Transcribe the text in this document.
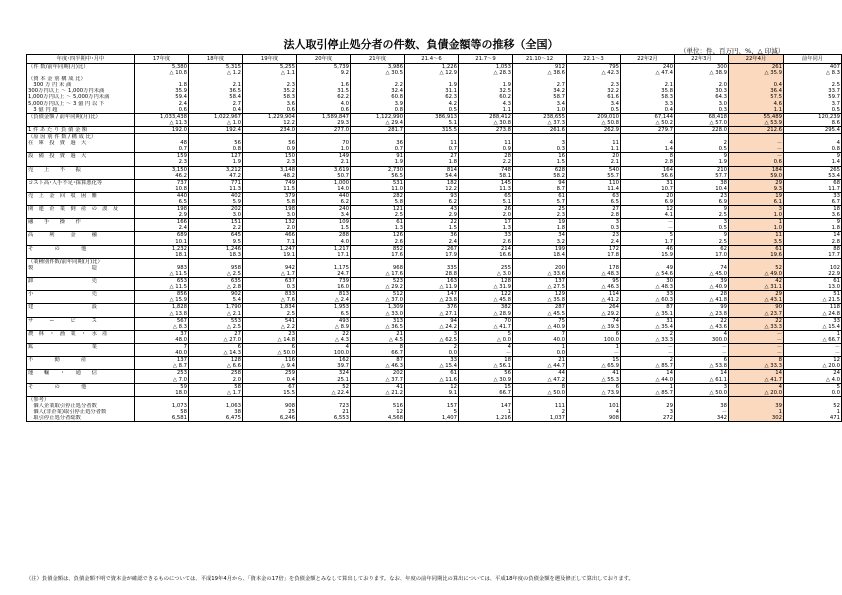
法人取引停止処分者の件数、負債金額等の推移（全国）	（単位：件、百万円、%、△ 印減）
年度･四半期中･月中	17年度	18年度	19年度	20年度	21年度	21.4～6	21.7～9	21.10～12	22.1～3	22年2月	22年3月	22年4月	前年同月
（件 数/前年同期(月)比）	5,380	5,315	5,255	5,739	3,986	1,226	1,053	912	795	240	300	261	407
	△ 10.8	△ 1.2	△ 1.1	9.2	△ 30.5	△ 12.9	△ 28.3	△ 38.6	△ 42.3	△ 47.4	△ 38.9	△ 35.9	△ 8.3
（資 本 金 別 構 成 比）													
　300 万 円 未 満	1.8	2.1	2.3	1.6	2.2	1.9	1.9	2.7	2.3	2.1	2.0	0.4	2.5
300万円以上 ～ 1,000万円未満	35.9	36.5	35.2	31.5	32.4	31.1	32.5	34.2	32.2	35.8	30.3	36.4	33.7
1,000万円以上 ～ 5,000万円未満	59.4	58.4	58.3	62.2	60.8	62.3	60.2	58.7	61.6	58.3	64.3	57.5	59.7
5,000万円以上 ～ 3 億 円 以 下	2.4	2.7	3.6	4.0	3.9	4.2	4.3	3.4	3.4	3.3	3.0	4.6	3.7
　3 億 円 超	0.6	0.4	0.6	0.6	0.8	0.5	1.1	1.0	0.5	0.4	0.3	1.1	0.5
（負債金額 / 前年同期(月)比）	1,033,438	1,022,967	1,229,904	1,589,847	1,122,990	386,913	288,412	238,655	209,010	67,144	68,418	55,489	120,239
	△ 11.3	△ 1.0	12.2	29.3	△ 29.4	5.1	△ 30.8	△ 37.3	△ 50.8	△ 50.2	△ 57.0	△ 53.9	8.6
1 件 あ た り 負 債 金 額	192.0	192.4	234.0	277.0	281.7	315.5	273.8	261.6	262.9	279.7	228.0	212.6	295.4
（原 因 別 件 数 / 構 成 比）													
在　庫　投　資　過　大	48	56	56	70	36	11	11	3	11	4	2	－	4
	0.7	0.8	0.9	1.0	0.7	0.7	0.9	0.3	1.1	1.4	0.5	－	0.8
設　備　投　資　過　大	159	127	150	149	91	27	28	16	20	8	9	－	9
	2.3	1.9	2.3	2.1	1.9	1.8	2.2	1.5	2.1	2.8	1.9	0.6	1.4
売　　上　　不　　振	3,150	3,212	3,148	3,619	2,730	814	748	628	540	164	210	184	265
	46.2	47.2	48.2	50.7	56.5	54.4	58.1	58.2	55.7	56.6	57.7	59.0	53.4
コスト高･人手不足･採算悪化等	737	771	749	1,000	531	182	145	94	110	31	38	29	68
	10.8	11.3	11.5	14.0	11.0	12.2	11.3	8.7	11.4	10.7	10.4	9.3	11.7
売　上　金　回　収　困　難	440	402	379	440	282	93	65	61	63	20	23	19	33
	6.5	5.9	5.8	6.2	5.8	6.2	5.1	5.7	6.5	6.9	6.9	6.1	6.7
関　連　企　業　倒　産　の　波　及	198	202	198	240	121	43	26	25	27	12	9	3	18
	2.9	3.0	3.0	3.4	2.5	2.9	2.0	2.3	2.8	4.1	2.5	1.0	3.6
融　　手　　操　　作	166	151	132	109	61	22	17	19	3	－	3	1	9
	2.4	2.2	2.0	1.5	1.3	1.5	1.3	1.8	0.3	－	0.5	1.0	1.8
高　　　利　　　金　　　融	689	645	466	288	126	36	33	34	23	5	9	11	14
	10.1	9.5	7.1	4.0	2.6	2.4	2.6	3.2	2.4	1.7	2.5	3.5	2.8
そ　　　　の　　　　他	1,232	1,246	1,247	1,217	852	267	214	199	172	46	62	61	88
	18.1	18.3	19.1	17.1	17.6	17.9	16.6	18.4	17.8	15.9	17.0	19.6	17.7
（業種別件数/前年同期(月)比）													
製　　　　　　　　　　　造	983	958	942	1,175	968	335	255	200	178	49	74	52	102
	△ 11.5	△ 2.5	△ 1.7	24.7	△ 17.6	28.8	△ 3.0	△ 33.6	△ 48.3	△ 54.6	△ 45.0	△ 49.0	22.9
卸　　　　　　　　　　　売	653	635	637	739	523	163	128	137	95	30	39	42	61
	△ 11.5	△ 2.8	0.3	16.0	△ 29.2	△ 11.9	△ 31.9	△ 27.5	△ 46.3	△ 48.3	△ 40.9	△ 31.1	13.0
小　　　　　　　　　　　売	856	902	833	813	512	147	122	129	114	33	28	29	51
	△ 15.9	5.4	△ 7.6	△ 2.4	△ 37.0	△ 23.8	△ 45.8	△ 35.8	△ 41.2	△ 60.3	△ 41.8	△ 43.1	△ 21.5
建　　　　　　　　　　　設	1,828	1,790	1,834	1,953	1,309	376	382	287	264	87	99	90	118
	△ 13.8	△ 2.1	2.5	6.5	△ 33.0	△ 27.1	△ 28.9	△ 45.5	△ 29.2	△ 35.1	△ 23.8	△ 23.7	△ 24.8
サ　　　ー　　　ビ　　　ス	567	553	541	493	313	94	70	75	74	31	22	22	33
	△ 8.3	△ 2.5	△ 2.2	△ 8.9	△ 36.5	△ 24.2	△ 41.7	△ 40.9	△ 39.3	△ 35.4	△ 43.6	△ 33.3	△ 15.4
農　林　・　漁　業　・　水　産	37	27	23	22	21	3	5	7	6	2	4	－	1
	48.0	△ 27.0	△ 14.8	△ 4.3	△ 4.5	△ 62.5	△ 0.0	40.0	100.0	△ 33.3	300.0	－	△ 66.7
鉱　　　　　　　　　　　業	7	6	6	4	8	2	4	1	1	－	－	－	－
	40.0	△ 14.3	△ 50.0	100.0	66.7	0.0	－	0.0	－	－	－	－	－
不　　　　動　　　　産	137	128	116	162	87	33	18	21	15	2	6	8	12
	△ 8.7	△ 6.6	△ 9.4	39.7	△ 46.3	△ 15.4	△ 56.1	△ 44.7	△ 65.9	△ 85.7	△ 53.8	△ 33.3	△ 20.0
運　　輸　　・　　通　　信	253	258	259	324	202	61	56	44	41	14	14	14	24
	△ 7.0	2.0	0.4	25.1	△ 37.7	△ 11.6	△ 30.9	△ 47.2	△ 55.3	△ 44.0	△ 61.1	△ 41.7	△ 4.0
そ　　　　の　　　　他	59	58	67	52	41	12	15	8	6	1	3	4	5
	18.0	△ 1.7	15.5	△ 22.4	△ 21.2	9.1	66.7	△ 50.0	△ 73.9	△ 85.7	△ 50.0	△ 20.0	0.0
（参考）													
　個人企業取引停止処分者数	1,073	1,063	908	723	516	157	147	111	101	29	38	39	52
　個人(非企業)取引停止処分者数	58	38	25	21	12	5	1	2	4	3	－	1	1
　取引停止処分者総数	6,581	6,475	6,246	6,553	4,568	1,407	1,216	1,037	908	272	342	302	471
（注）負債金額は、負債金額不明で資本金が確認できるものについては、平成19年4月から、「資本金の17倍」を負債金額とみなして算出しております。なお、年度の前年同期比の算出については、平成18年度の負債金額を遡及修正して算出しております。
